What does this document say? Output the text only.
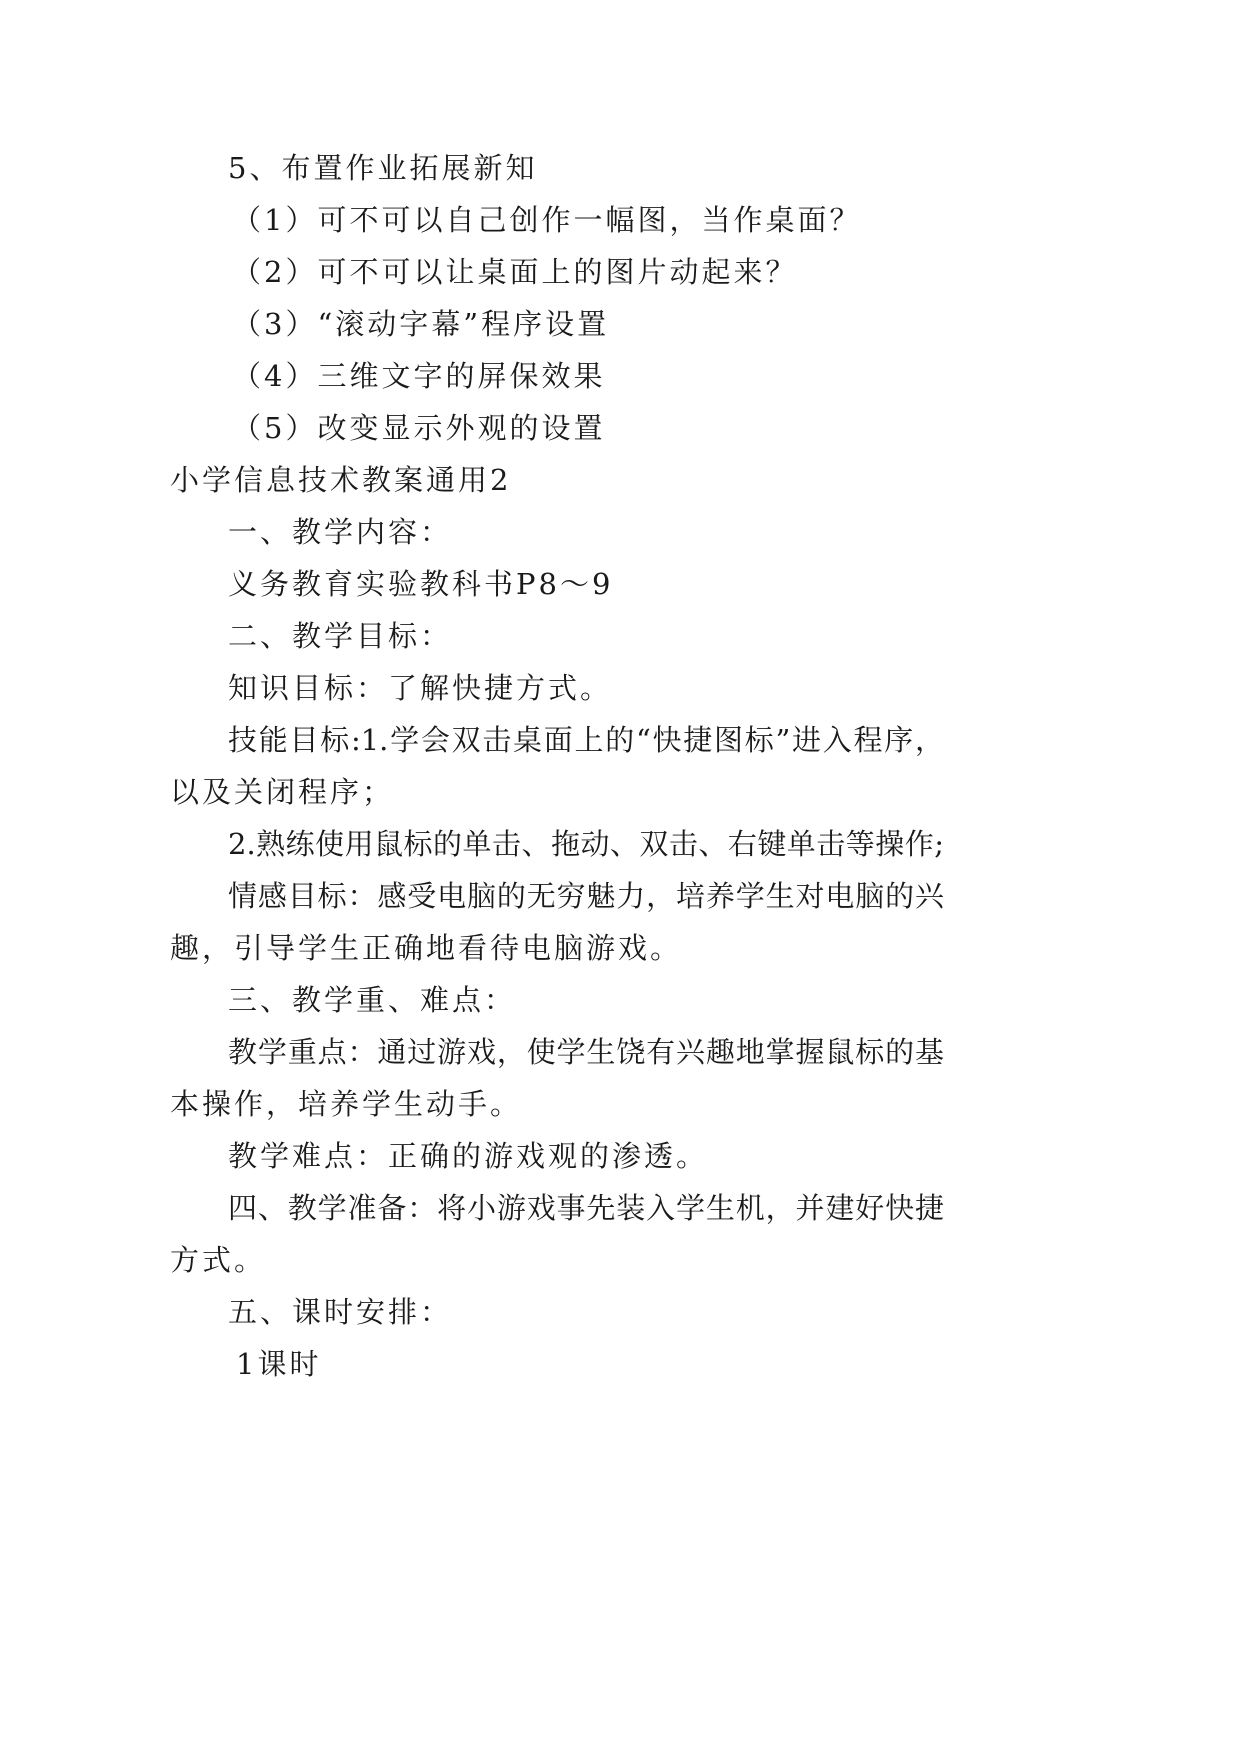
5、布置作业拓展新知
（1）可不可以自己创作一幅图，当作桌面？
（2）可不可以让桌面上的图片动起来？
（3）“滚动字幕”程序设置
（4）三维文字的屏保效果
（5）改变显示外观的设置
小学信息技术教案通用2
一、教学内容：
义务教育实验教科书P8～9
二、教学目标：
知识目标：了解快捷方式。
技能目标:1.学会双击桌面上的“快捷图标”进入程序，
以及关闭程序；
2.熟练使用鼠标的单击、拖动、双击、右键单击等操作;
情感目标：感受电脑的无穷魅力，培养学生对电脑的兴
趣，引导学生正确地看待电脑游戏。
三、教学重、难点：
教学重点：通过游戏，使学生饶有兴趣地掌握鼠标的基
本操作，培养学生动手。
教学难点：正确的游戏观的渗透。
四、教学准备：将小游戏事先装入学生机，并建好快捷
方式。
五、课时安排：
1课时
